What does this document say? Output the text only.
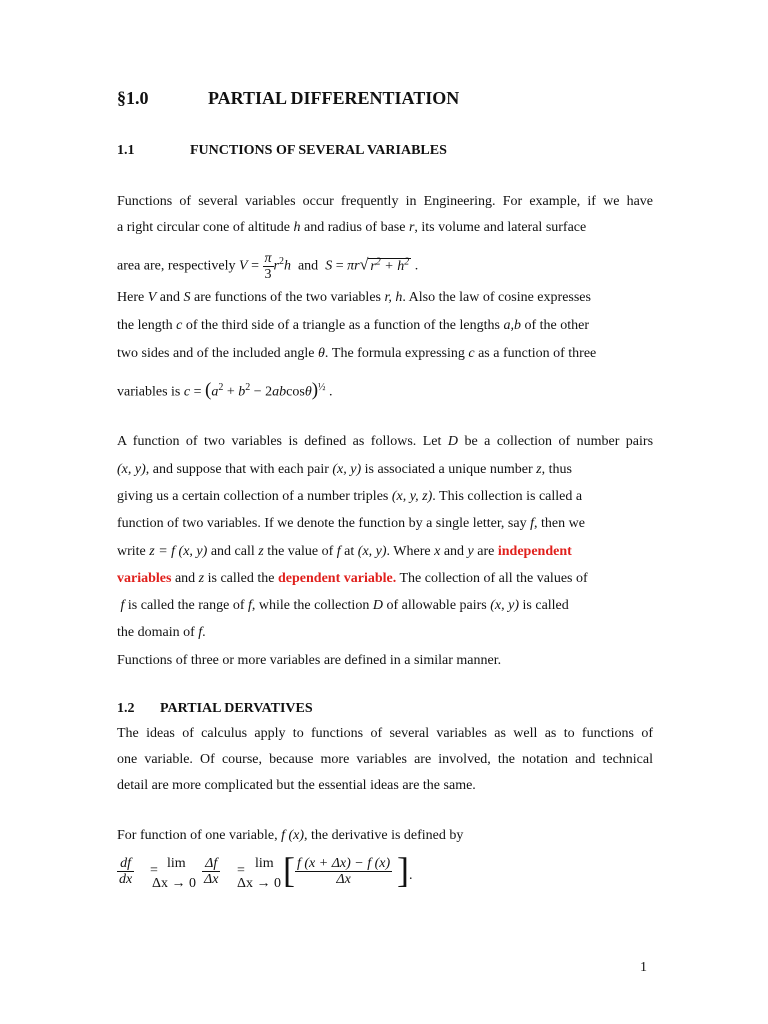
§1.0	PARTIAL DIFFERENTIATION
1.1	FUNCTIONS OF SEVERAL VARIABLES
Functions of several variables occur frequently in Engineering. For example, if we have
a right circular cone of altitude h and radius of base r, its volume and lateral surface
area are, respectively $V = \frac{\pi}{3} r^2h$ and S = πr√ $r^2 + h^2$ .
Here V and S are functions of the two variables r, h. Also the law of cosine expresses
the length c of the third side of a triangle as a function of the lengths a,b of the other
two sides and of the included angle θ. The formula expressing c as a function of three
variables is $c = (a^2 + b^2 - 2abcos\theta)^{\frac{1}{2}}$ .
A function of two variables is defined as follows. Let D be a collection of number pairs
(x, y), and suppose that with each pair (x, y) is associated a unique number z, thus
giving us a certain collection of a number triples (x, y, z). This collection is called a
function of two variables. If we denote the function by a single letter, say f, then we
write z = f (x, y) and call z the value of f at (x, y). Where x and y are independent
variables and z is called the dependent variable. The collection of all the values of
f is called the range of f, while the collection D of allowable pairs (x, y) is called
the domain of f.
Functions of three or more variables are defined in a similar manner.
1.2 PARTIAL DERVATIVES
The ideas of calculus apply to functions of several variables as well as to functions of
one variable. Of course, because more variables are involved, the notation and technical
detail are more complicated but the essential ideas are the same.
For function of one variable, f (x), the derivative is defined by
$\frac{df}{dx} = \lim$
$\Delta x \to 0 \frac{\Delta f}{\Delta x} = \lim$
Δx → 0 [ $\frac{f (x + \Delta x) - f (x)}{\Delta x}$ ] .
1
